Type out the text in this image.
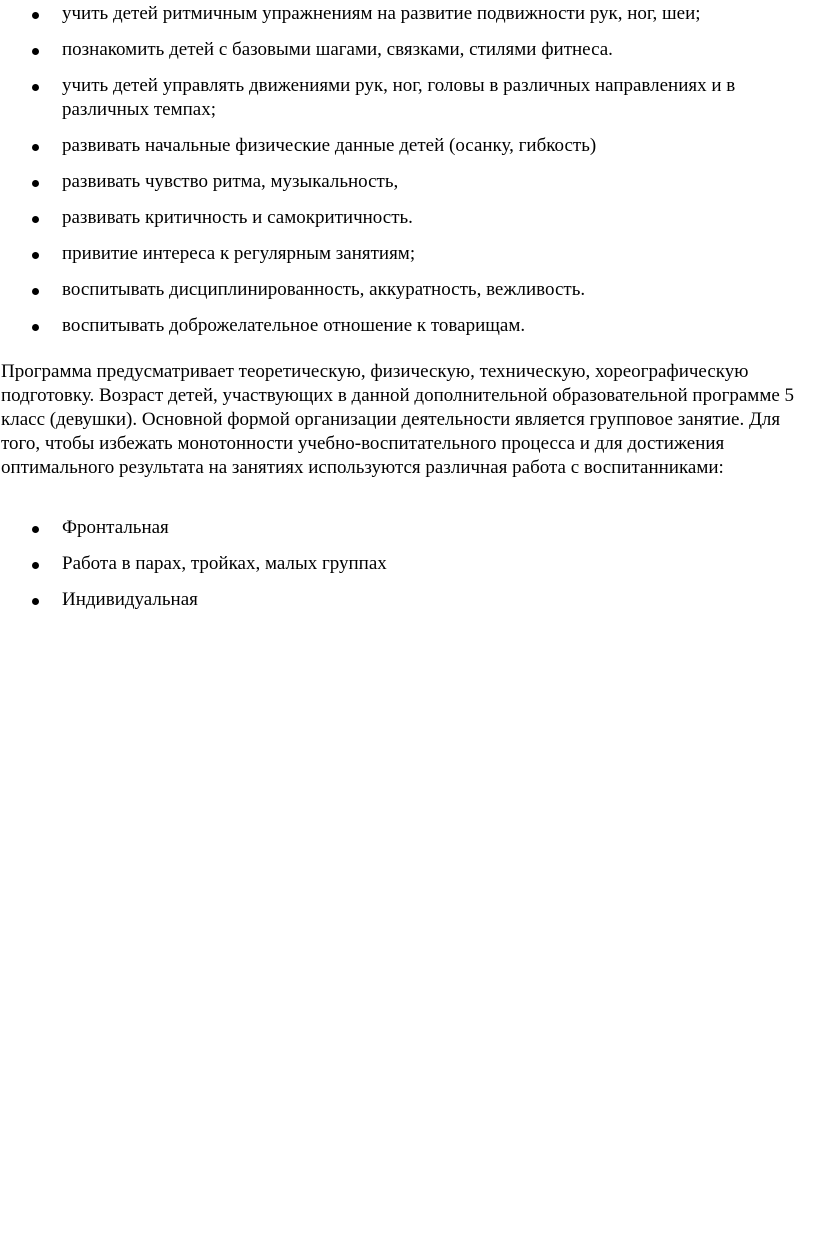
учить детей ритмичным упражнениям на развитие подвижности рук, ног, шеи;
познакомить детей с базовыми шагами, связками, стилями фитнеса.
учить детей управлять движениями рук, ног, головы в различных направлениях и в различных темпах;
развивать начальные физические данные детей (осанку, гибкость)
развивать чувство ритма, музыкальность,
развивать критичность и самокритичность.
привитие интереса к регулярным занятиям;
воспитывать дисциплинированность, аккуратность, вежливость.
воспитывать доброжелательное отношение к товарищам.

Программа предусматривает теоретическую, физическую, техническую, хореографическую подготовку. Возраст детей, участвующих в данной дополнительной образовательной программе 5 класс (девушки). Основной формой организации деятельности является групповое занятие. Для того, чтобы избежать монотонности учебно-воспитательного процесса и для достижения оптимального результата на занятиях используются различная работа с воспитанниками:

Фронтальная
Работа в парах, тройках, малых группах
Индивидуальная
